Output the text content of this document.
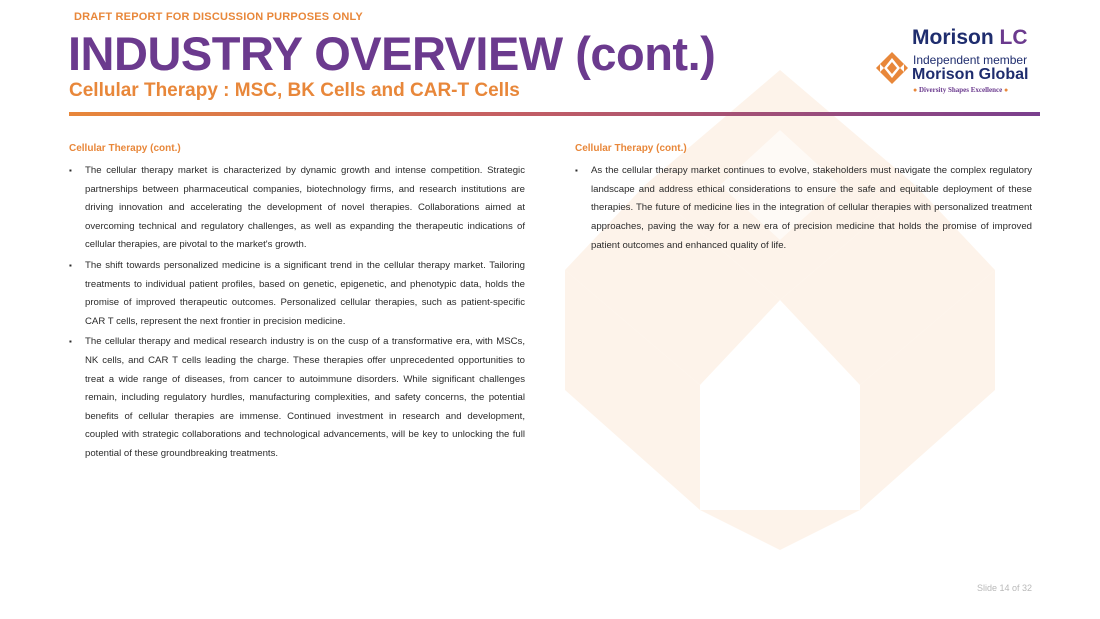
DRAFT REPORT FOR DISCUSSION PURPOSES ONLY
INDUSTRY OVERVIEW (cont.)
Cellular Therapy : MSC, BK Cells and CAR-T Cells
Morison LC
Independent member
Morison Global
● Diversity Shapes Excellence ●
Cellular Therapy (cont.)
▪ The cellular therapy market is characterized by dynamic growth and intense competition. Strategic partnerships between pharmaceutical companies, biotechnology firms, and research institutions are driving innovation and accelerating the development of novel therapies. Collaborations aimed at overcoming technical and regulatory challenges, as well as expanding the therapeutic indications of cellular therapies, are pivotal to the market's growth.
▪ The shift towards personalized medicine is a significant trend in the cellular therapy market. Tailoring treatments to individual patient profiles, based on genetic, epigenetic, and phenotypic data, holds the promise of improved therapeutic outcomes. Personalized cellular therapies, such as patient-specific CAR T cells, represent the next frontier in precision medicine.
▪ The cellular therapy and medical research industry is on the cusp of a transformative era, with MSCs, NK cells, and CAR T cells leading the charge. These therapies offer unprecedented opportunities to treat a wide range of diseases, from cancer to autoimmune disorders. While significant challenges remain, including regulatory hurdles, manufacturing complexities, and safety concerns, the potential benefits of cellular therapies are immense. Continued investment in research and development, coupled with strategic collaborations and technological advancements, will be key to unlocking the full potential of these groundbreaking treatments.
Cellular Therapy (cont.)
▪ As the cellular therapy market continues to evolve, stakeholders must navigate the complex regulatory landscape and address ethical considerations to ensure the safe and equitable deployment of these therapies. The future of medicine lies in the integration of cellular therapies with personalized treatment approaches, paving the way for a new era of precision medicine that holds the promise of improved patient outcomes and enhanced quality of life.
Slide 14 of 32
